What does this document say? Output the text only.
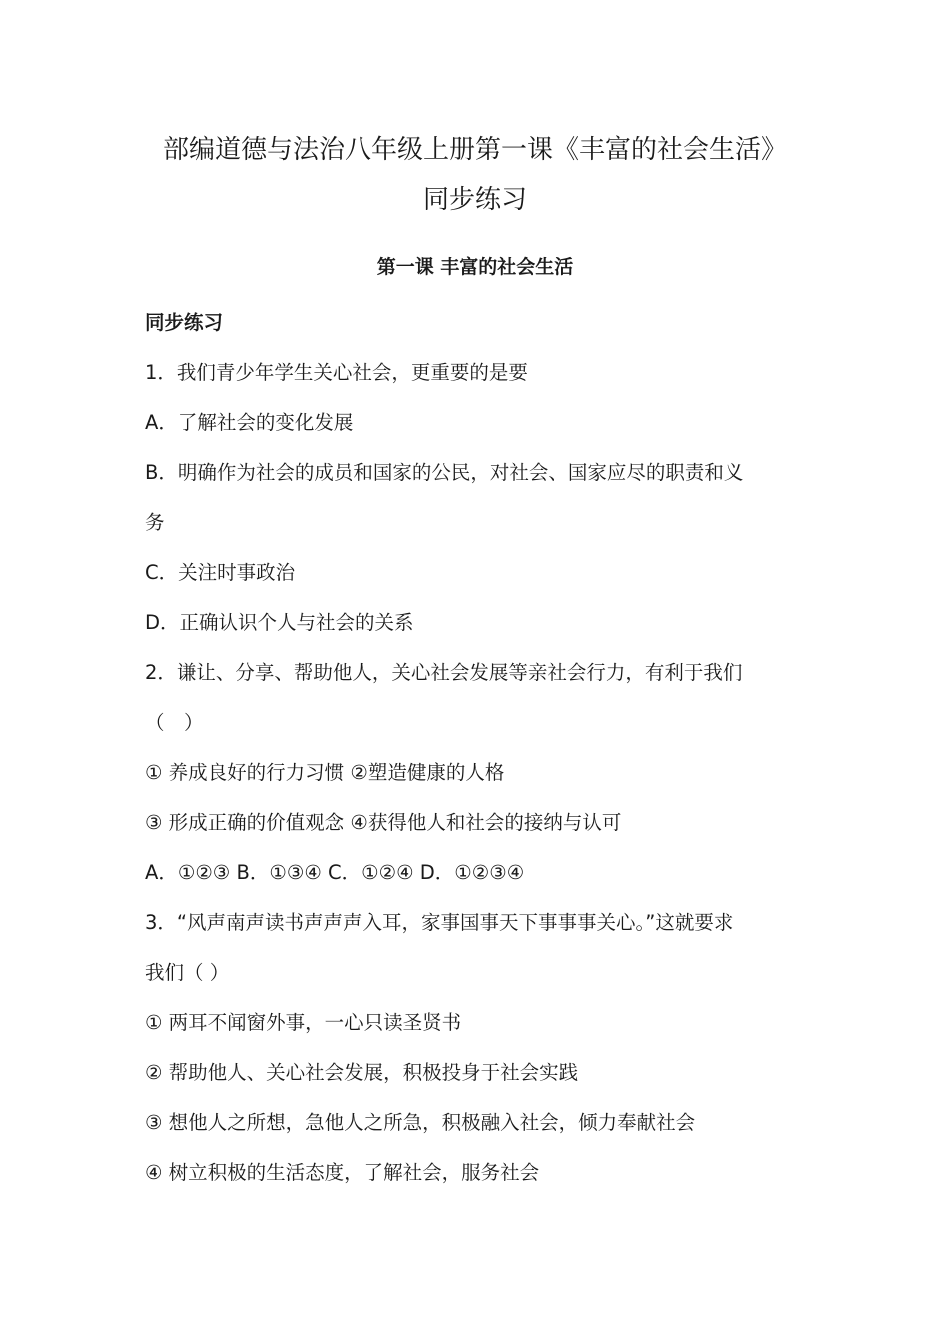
部编道德与法治八年级上册第一课《丰富的社会生活》
同步练习
第一课 丰富的社会生活

同步练习

1．我们青少年学生关心社会，更重要的是要

A．了解社会的变化发展

B．明确作为社会的成员和国家的公民，对社会、国家应尽的职责和义

务

C．关注时事政治

D．正确认识个人与社会的关系

2．谦让、分享、帮助他人，关心社会发展等亲社会行力，有利于我们

（　）

① 养成良好的行力习惯 ②塑造健康的人格

③ 形成正确的价值观念 ④获得他人和社会的接纳与认可

A．①②③ B．①③④ C．①②④ D．①②③④

3．“风声南声读书声声声入耳，家事国事天下事事事关心。”这就要求

我们（ ）

① 两耳不闻窗外事，一心只读圣贤书

② 帮助他人、关心社会发展，积极投身于社会实践

③ 想他人之所想，急他人之所急，积极融入社会，倾力奉献社会

④ 树立积极的生活态度，了解社会，服务社会
